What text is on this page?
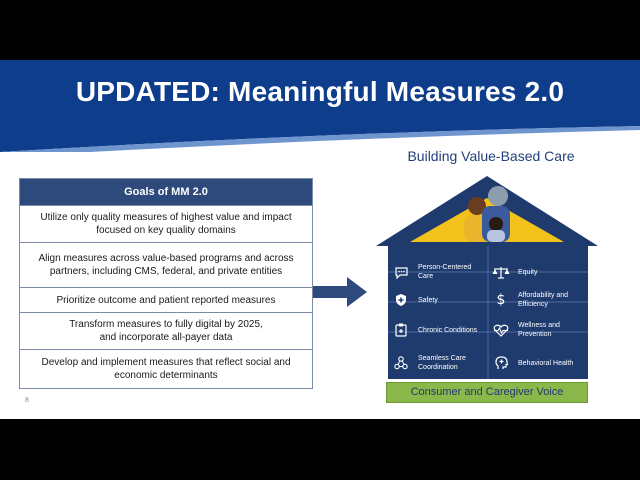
UPDATED: Meaningful Measures 2.0
Goals of MM 2.0
Utilize only quality measures of highest value and impact focused on key quality domains
Align measures across value-based programs and across partners, including CMS, federal, and private entities
Prioritize outcome and patient reported measures
Transform measures to fully digital by 2025, and incorporate all-payer data
Develop and implement measures that reflect social and economic determinants
Building Value-Based Care
Person-Centered Care
Equity
Safety	$	Affordability and Efficiency
Chronic Conditions
Wellness and Prevention
Seamless Care Coordination
Behavioral Health
Consumer and Caregiver Voice
8
